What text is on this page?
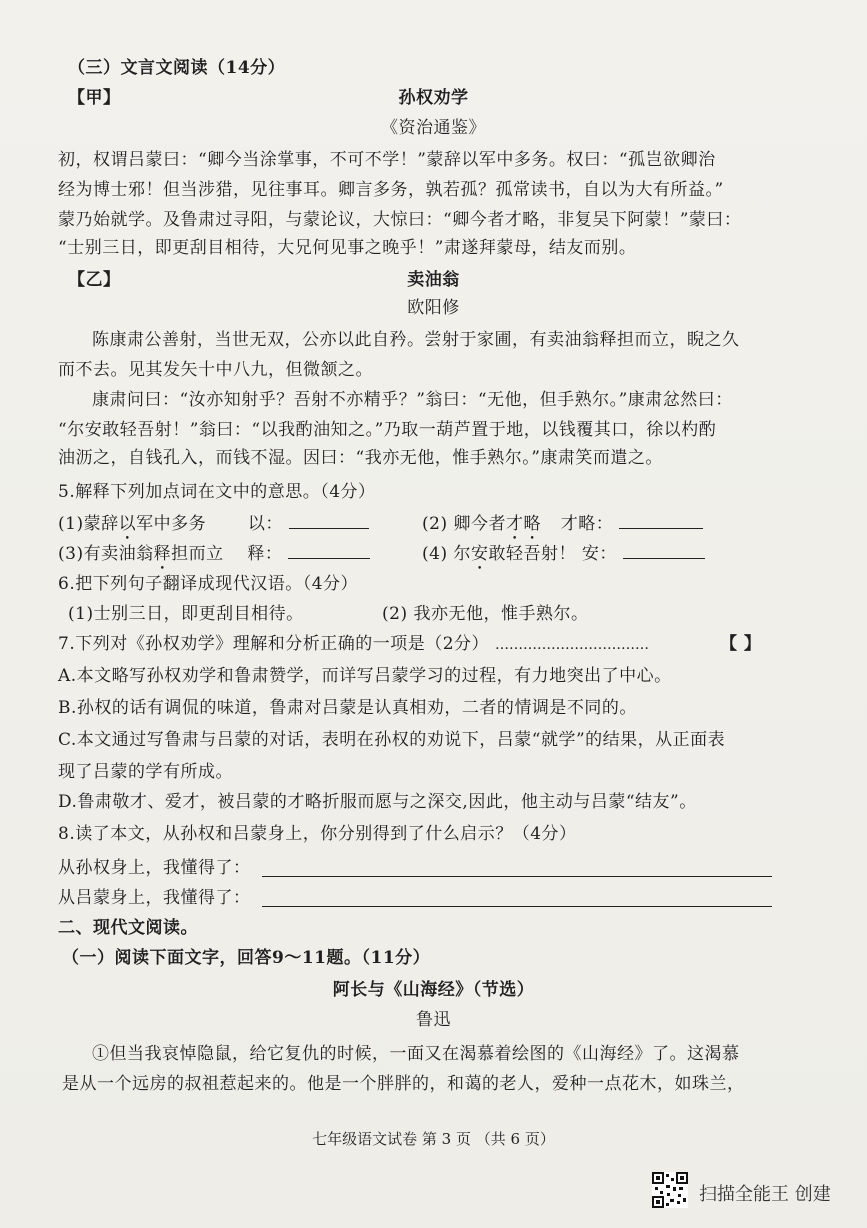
（三）文言文阅读（14分）
【甲】	孙权劝学
《资治通鉴》
初，权谓吕蒙曰：“卿今当涂掌事，不可不学！”蒙辞以军中多务。权曰：“孤岂欲卿治
经为博士邪！但当涉猎，见往事耳。卿言多务，孰若孤？孤常读书，自以为大有所益。”
蒙乃始就学。及鲁肃过寻阳，与蒙论议，大惊曰：“卿今者才略，非复吴下阿蒙！”蒙曰：
“士别三日，即更刮目相待，大兄何见事之晚乎！”肃遂拜蒙母，结友而别。
【乙】	卖油翁
欧阳修
陈康肃公善射，当世无双，公亦以此自矜。尝射于家圃，有卖油翁释担而立，睨之久
而不去。见其发矢十中八九，但微颔之。
康肃问曰：“汝亦知射乎？吾射不亦精乎？”翁曰：“无他，但手熟尔。”康肃忿然曰：
“尔安敢轻吾射！”翁曰：“以我酌油知之。”乃取一葫芦置于地，以钱覆其口，徐以杓酌
油沥之，自钱孔入，而钱不湿。因曰：“我亦无他，惟手熟尔。”康肃笑而遣之。
5.解释下列加点词在文中的意思。（4分）
(1)蒙辞以军中多务 以：	(2) 卿今者才略 才略：
(3)有卖油翁释担而立 释：	(4) 尔安敢轻吾射！ 安：
6.把下列句子翻译成现代汉语。（4分）
(1)士别三日，即更刮目相待。	(2) 我亦无他，惟手熟尔。
7.下列对《孙权劝学》理解和分析正确的一项是（2分） ……………………………	【 】
A.本文略写孙权劝学和鲁肃赞学，而详写吕蒙学习的过程，有力地突出了中心。
B.孙权的话有调侃的味道，鲁肃对吕蒙是认真相劝，二者的情调是不同的。
C.本文通过写鲁肃与吕蒙的对话，表明在孙权的劝说下，吕蒙“就学”的结果，从正面表
现了吕蒙的学有所成。
D.鲁肃敬才、爱才，被吕蒙的才略折服而愿与之深交,因此，他主动与吕蒙“结友”。
8.读了本文，从孙权和吕蒙身上，你分别得到了什么启示？（4分）
从孙权身上，我懂得了：
从吕蒙身上，我懂得了：
二、现代文阅读。
（一）阅读下面文字，回答9～11题。（11分）
阿长与《山海经》（节选）
鲁迅
①但当我哀悼隐鼠，给它复仇的时候，一面又在渴慕着绘图的《山海经》了。这渴慕
是从一个远房的叔祖惹起来的。他是一个胖胖的，和蔼的老人，爱种一点花木，如珠兰，
七年级语文试卷 第 3 页 （共 6 页）
扫描全能王 创建
